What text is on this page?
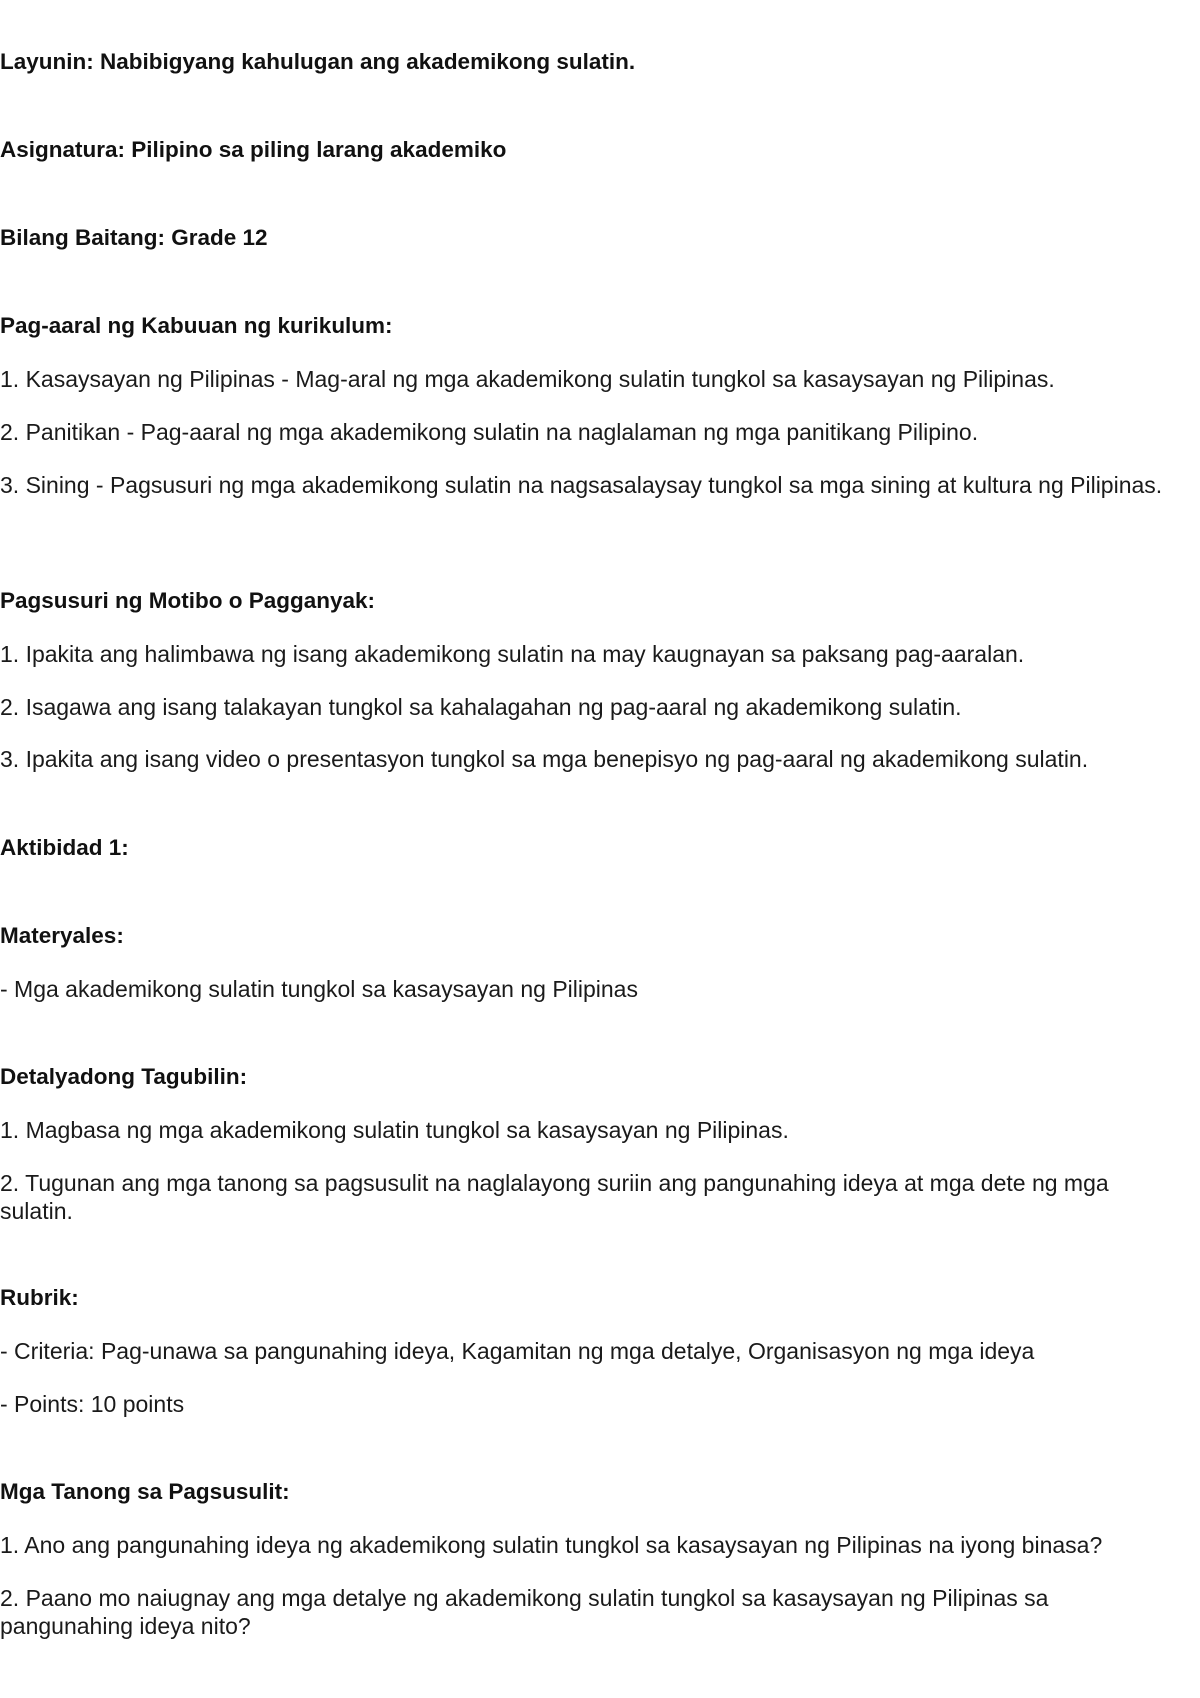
Layunin: Nabibigyang kahulugan ang akademikong sulatin.

Asignatura: Pilipino sa piling larang akademiko

Bilang Baitang: Grade 12

Pag-aaral ng Kabuuan ng kurikulum:

1. Kasaysayan ng Pilipinas - Mag-aral ng mga akademikong sulatin tungkol sa kasaysayan ng Pilipinas.

2. Panitikan - Pag-aaral ng mga akademikong sulatin na naglalaman ng mga panitikang Pilipino.

3. Sining - Pagsusuri ng mga akademikong sulatin na nagsasalaysay tungkol sa mga sining at kultura ng Pilipinas.

Pagsusuri ng Motibo o Pagganyak:

1. Ipakita ang halimbawa ng isang akademikong sulatin na may kaugnayan sa paksang pag-aaralan.

2. Isagawa ang isang talakayan tungkol sa kahalagahan ng pag-aaral ng akademikong sulatin.

3. Ipakita ang isang video o presentasyon tungkol sa mga benepisyo ng pag-aaral ng akademikong sulatin.

Aktibidad 1:

Materyales:

- Mga akademikong sulatin tungkol sa kasaysayan ng Pilipinas

Detalyadong Tagubilin:

1. Magbasa ng mga akademikong sulatin tungkol sa kasaysayan ng Pilipinas.

2. Tugunan ang mga tanong sa pagsusulit na naglalayong suriin ang pangunahing ideya at mga dete ng mga sulatin.

Rubrik:

- Criteria: Pag-unawa sa pangunahing ideya, Kagamitan ng mga detalye, Organisasyon ng mga ideya

- Points: 10 points

Mga Tanong sa Pagsusulit:

1. Ano ang pangunahing ideya ng akademikong sulatin tungkol sa kasaysayan ng Pilipinas na iyong binasa?

2. Paano mo naiugnay ang mga detalye ng akademikong sulatin tungkol sa kasaysayan ng Pilipinas sa pangunahing ideya nito?
